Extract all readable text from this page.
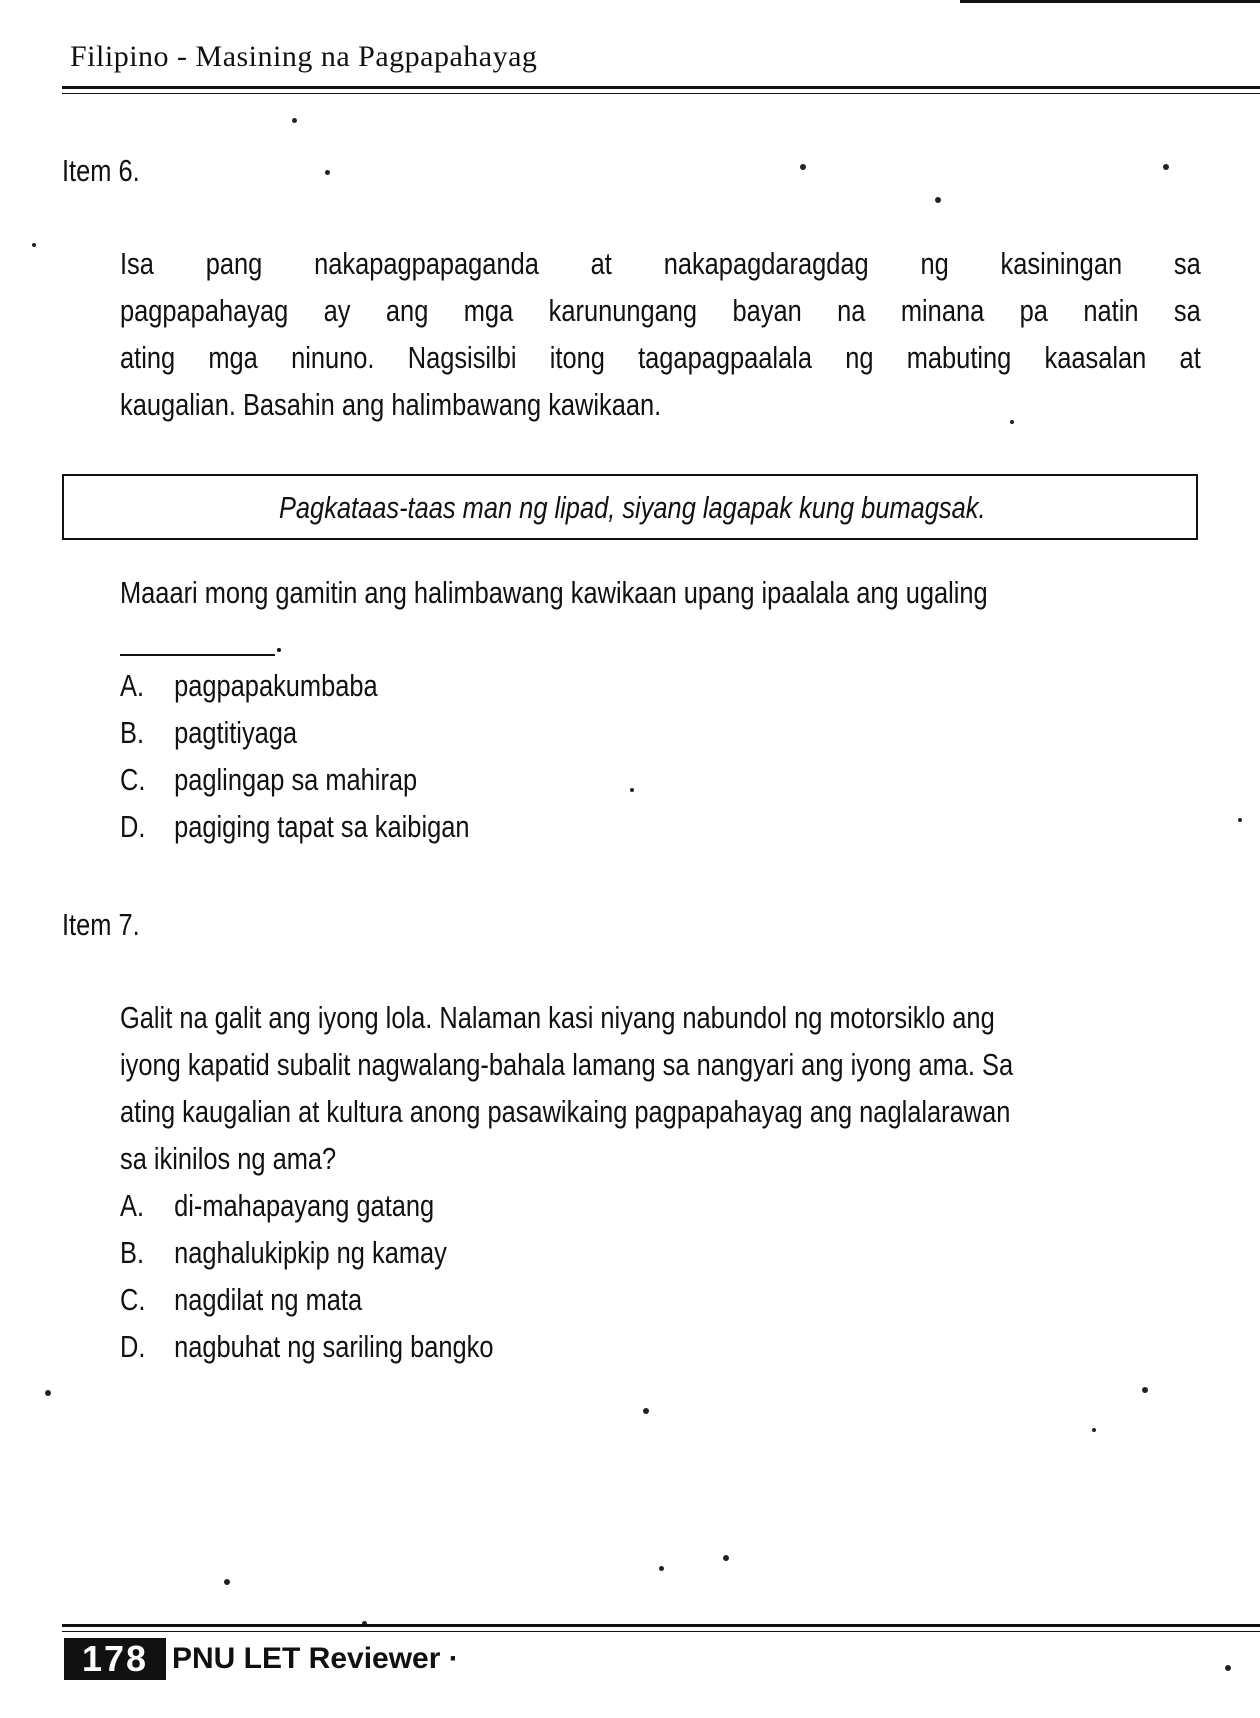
Filipino - Masining na Pagpapahayag
Item 6.
Isa pang nakapagpapaganda at nakapagdaragdag ng kasiningan sa
pagpapahayag ay ang mga karunungang bayan na minana pa natin sa
ating mga ninuno. Nagsisilbi itong tagapagpaalala ng mabuting kaasalan at
kaugalian. Basahin ang halimbawang kawikaan.
Pagkataas-taas man ng lipad, siyang lagapak kung bumagsak.
Maaari mong gamitin ang halimbawang kawikaan upang ipaalala ang ugaling
A. pagpapakumbaba
B. pagtitiyaga
C. paglingap sa mahirap
D. pagiging tapat sa kaibigan
Item 7.
Galit na galit ang iyong lola. Nalaman kasi niyang nabundol ng motorsiklo ang
iyong kapatid subalit nagwalang-bahala lamang sa nangyari ang iyong ama. Sa
ating kaugalian at kultura anong pasawikaing pagpapahayag ang naglalarawan
sa ikinilos ng ama?
A. di-mahapayang gatang
B. naghalukipkip ng kamay
C. nagdilat ng mata
D. nagbuhat ng sariling bangko
178 PNU LET Reviewer ·
